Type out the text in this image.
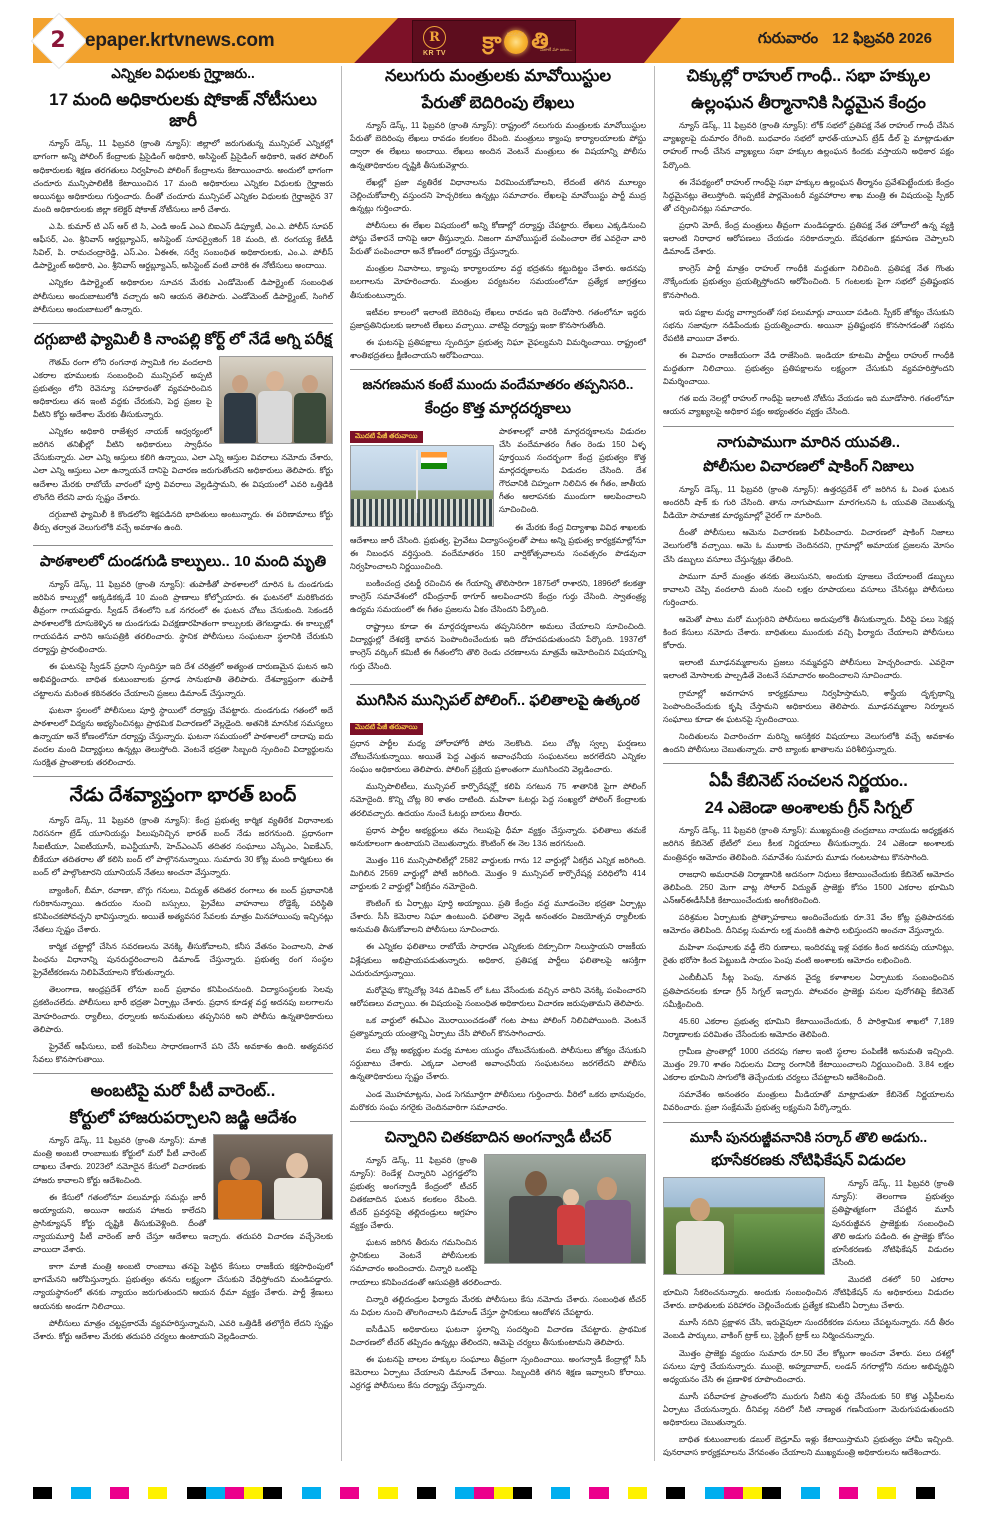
2	epaper.krtvnews.com	R
KR TV
దినపత్రిక
క్రా తి
నిజాలే మా బలం...
గురువారం 12 ఫిబ్రవరి 2026
ఎన్నికల విధులకు గైర్హాజరు..
17 మంది అధికారులకు షోకాజ్ నోటీసులు జారీ

న్యూస్ డెస్క్, 11 ఫిబ్రవరి (క్రాంతి న్యూస్): జిల్లాలో జరుగుతున్న మున్సిపల్ ఎన్నికల్లో భాగంగా అన్ని పోలింగ్ కేంద్రాలకు ప్రిసైడింగ్ అధికారి, అసిస్టెంట్ ప్రిసైడింగ్ అధికారి, ఇతర పోలింగ్ అధికారులకు శిక్షణ తరగతులు నిర్వహించి పోలింగ్ కేంద్రాలను కేటాయించారు. అందులో భాగంగా చందూరు మున్సిపాలిటీకి కేటాయించిన 17 మంది అధికారులు ఎన్నికల విధులకు గైర్హాజరు అయినట్టు అధికారులు గుర్తించారు. దీంతో చందూరు మున్సిపల్ ఎన్నికల విధులకు గైర్హాజరైన 37 మంది అధికారులకు జిల్లా కలెక్టర్ షోకాజ్ నోటీసులు జారీ చేశారు.

ఎ.పి. కుమార్ టి ఎస్ ఆర్ టి సి, ఎండి అండ్ ఎంఎ బిఐఎస్ డిప్యూటీ, ఎం.ఎ. పోలీస్ సూపర్ ఆఫీసర్, ఎం. శ్రీనివాస్ ఆర్డబ్ల్యూఎస్, అసిస్టెంట్ సూపర్వైజింగ్ 18 మంది, టి. రంగయ్య కేటీడీ సివిల్, పి. రామచంద్రారెడ్డి, ఎస్.ఎం. ఏఈఈ, సర్వే సంబంధిత అధికారులకు, ఎం.ఎ. పోలీస్ డిపార్ట్మెంట్ అధికారి, ఎం. శ్రీనివాస్ ఆర్డబ్ల్యూఎస్, అసిస్టెంట్ వంటి వారికి ఈ నోటీసులు అందాయి.

ఎన్నికల డిపార్ట్మెంట్ అధికారుల సూచన మేరకు ఎండోమెంట్ డిపార్ట్మెంట్ సంబంధిత పోలీసులు అందుబాటులోకి వచ్చారు అని ఆయన తెలిపారు. ఎండోమెంట్ డిపార్ట్మెంట్, సింగిల్ పోలీసులు అందుబాటులో ఉన్నారు.

దగ్గుబాటి ఫ్యామిలీ కి నాంపల్లి కోర్ట్ లో నేడే అగ్ని పరీక్ష

గౌతమ్ రంగా లోని రంగనాథ స్వామికి గల వందలాది ఎకరాల భూములకు సంబంధించి మున్సిపల్ అప్పటి ప్రభుత్వం లోని రెవెన్యూ సహకారంతో వ్యవహరించిన అధికారులు తన ఇంటి వద్దకు చేరుకుని, పెద్ద ప్రజల పై వీటిని కోర్టు ఆదేశాల మేరకు తీసుకున్నారు.

ఎన్నికల అధికారి రాజేశ్వర నాయక్ ఆధ్వర్యంలో జరిగిన తనిఖీల్లో వీటిని అధికారులు స్వాధీనం చేసుకున్నారు. ఎలా ఎన్ని ఆస్తులు కలిగి ఉన్నాయి, ఎలా ఎన్ని ఆస్తుల వివరాలు నమోదు చేశారు, ఎలా ఎన్ని ఆస్తులు ఎలా ఉన్నాయనే దానిపై విచారణ జరుగుతోందని అధికారులు తెలిపారు. కోర్టు ఆదేశాల మేరకు రాబోయే వారంలో పూర్తి వివరాలు వెల్లడిస్తామని, ఈ విషయంలో ఎవరి ఒత్తిడికి లొంగేది లేదని వారు స్పష్టం చేశారు.

దగ్గుబాటి ఫ్యామిలీ కి కొండలోని శిక్షపడినది భాదితులు అంటున్నారు. ఈ పరిణామాలు కోర్టు తీర్పు తర్వాత వెలుగులోకి వచ్చే అవకాశం ఉంది.

పాఠశాలలో దుండగుడి కాల్పులు.. 10 మంది మృతి

న్యూస్ డెస్క్, 11 ఫిబ్రవరి (క్రాంతి న్యూస్): తుపాకీతో పాఠశాలలో దూరిన ఓ దుండగుడు జరిపిన కాల్పుల్లో అక్కడికక్కడే 10 మంది ప్రాణాలు కోల్పోయారు. ఈ ఘటనలో మరికొందరు తీవ్రంగా గాయపడ్డారు. స్వీడన్ దేశంలోని ఒక నగరంలో ఈ ఘటన చోటు చేసుకుంది. సెకండరీ పాఠశాలలోకి దూసుకెళ్ళిన ఆ దుండగుడు విచక్షణారహితంగా కాల్పులకు తెగబడ్డాడు. ఈ కాల్పుల్లో గాయపడిన వారిని ఆసుపత్రికి తరలించారు. స్థానిక పోలీసులు సంఘటనా స్థలానికి చేరుకుని దర్యాప్తు ప్రారంభించారు.

ఈ ఘటనపై స్వీడన్ ప్రధాని స్పందిస్తూ ఇది దేశ చరిత్రలో అత్యంత దారుణమైన ఘటన అని అభివర్ణించారు. బాధిత కుటుంబాలకు ప్రగాఢ సానుభూతి తెలిపారు. దేశవ్యాప్తంగా తుపాకీ చట్టాలను మరింత కఠినతరం చేయాలని ప్రజలు డిమాండ్ చేస్తున్నారు.

ఘటనా స్థలంలో పోలీసులు పూర్తి స్థాయిలో దర్యాప్తు చేపట్టారు. దుండగుడు గతంలో అదే పాఠశాలలో విద్యను అభ్యసించినట్లు ప్రాథమిక విచారణలో వెల్లడైంది. అతనికి మానసిక సమస్యలు ఉన్నాయా అనే కోణంలోనూ దర్యాప్తు చేస్తున్నారు. ఘటనా సమయంలో పాఠశాలలో దాదాపు ఐదు వందల మంది విద్యార్థులు ఉన్నట్లు తెలుస్తోంది. వెంటనే భద్రతా సిబ్బంది స్పందించి విద్యార్థులను సురక్షిత ప్రాంతాలకు తరలించారు.

నేడు దేశవ్యాప్తంగా భారత్ బంద్

న్యూస్ డెస్క్, 11 ఫిబ్రవరి (క్రాంతి న్యూస్): కేంద్ర ప్రభుత్వ కార్మిక వ్యతిరేక విధానాలకు నిరసనగా ట్రేడ్ యూనియన్లు పిలుపునిచ్చిన భారత్ బంద్ నేడు జరగనుంది. ప్రధానంగా సీఐటీయూ, ఏఐటీయూసీ, ఐఎన్టీయూసీ, హెచ్ఎంఎస్ తదితర సంఘాలు ఎస్కేఎం, ఏఐకేఎస్, బీకేయూ తదితరాల తో కలిసి బంద్ లో పాల్గొననున్నాయి. సుమారు 30 కోట్ల మంది కార్మికులు ఈ బంద్ లో పాల్గొంటారని యూనియన్ నేతలు అంచనా వేస్తున్నారు.

బ్యాంకింగ్, బీమా, రవాణా, బొగ్గు గనులు, విద్యుత్ తదితర రంగాలు ఈ బంద్ ప్రభావానికి గురికానున్నాయి. ఉదయం నుంచి బస్సులు, ప్రైవేటు వాహనాలు రోడ్డెక్కే పరిస్థితి కనిపించకపోవచ్చని భావిస్తున్నారు. అయితే అత్యవసర సేవలకు మాత్రం మినహాయింపు ఇచ్చినట్లు నేతలు స్పష్టం చేశారు.

కార్మిక చట్టాల్లో చేసిన సవరణలను వెనక్కి తీసుకోవాలని, కనీస వేతనం పెంచాలని, పాత పింఛను విధానాన్ని పునరుద్ధరించాలని డిమాండ్ చేస్తున్నారు. ప్రభుత్వ రంగ సంస్థల ప్రైవేటీకరణను నిలిపివేయాలని కోరుతున్నారు.

తెలంగాణ, ఆంధ్రప్రదేశ్ లోనూ బంద్ ప్రభావం కనిపించనుంది. విద్యాసంస్థలకు సెలవు ప్రకటించలేదు. పోలీసులు భారీ భద్రతా ఏర్పాట్లు చేశారు. ప్రధాన కూడళ్ల వద్ద అదనపు బలగాలను మోహరించారు. ర్యాలీలు, ధర్నాలకు అనుమతులు తప్పనిసరి అని పోలీసు ఉన్నతాధికారులు తెలిపారు.

ప్రైవేట్ ఆఫీసులు, ఐటీ కంపెనీలు సాధారణంగానే పని చేసే అవకాశం ఉంది. అత్యవసర సేవలు కొనసాగుతాయి.

అంబటిపై మరో పీటీ వారెంట్..
కోర్టులో హాజరుపర్చాలని జడ్జి ఆదేశం

న్యూస్ డెస్క్, 11 ఫిబ్రవరి (క్రాంతి న్యూస్): మాజీ మంత్రి అంబటి రాంబాబుకు కోర్టులో మరో పీటీ వారెంట్ దాఖలు చేశారు. 2023లో నమోదైన కేసులో విచారణకు హాజరు కావాలని కోర్టు ఆదేశించింది.

ఈ కేసులో గతంలోనూ పలుమార్లు సమన్లు జారీ అయ్యాయని, అయినా ఆయన హాజరు కాలేదని ప్రాసిక్యూషన్ కోర్టు దృష్టికి తీసుకువెళ్లింది. దీంతో న్యాయమూర్తి పీటీ వారెంట్ జారీ చేస్తూ ఆదేశాలు ఇచ్చారు. తదుపరి విచారణ వచ్చేనెలకు వాయిదా వేశారు.

కాగా మాజీ మంత్రి అంబటి రాంబాబు తనపై పెట్టిన కేసులు రాజకీయ కక్షసాధింపులో భాగమేనని ఆరోపిస్తున్నారు. ప్రభుత్వం తనను లక్ష్యంగా చేసుకుని వేధిస్తోందని మండిపడ్డారు. న్యాయస్థానంలో తనకు న్యాయం జరుగుతుందని ఆయన ధీమా వ్యక్తం చేశారు. పార్టీ శ్రేణులు ఆయనకు అండగా నిలిచాయి.

పోలీసులు మాత్రం చట్టప్రకారమే వ్యవహరిస్తున్నామని, ఎవరి ఒత్తిడికీ తలొగ్గేది లేదని స్పష్టం చేశారు. కోర్టు ఆదేశాల మేరకు తదుపరి చర్యలు ఉంటాయని వెల్లడించారు.

నలుగురు మంత్రులకు మావోయిస్టుల
పేరుతో బెదిరింపు లేఖలు

న్యూస్ డెస్క్, 11 ఫిబ్రవరి (క్రాంతి న్యూస్): రాష్ట్రంలో నలుగురు మంత్రులకు మావోయిస్టుల పేరుతో బెదిరింపు లేఖలు రావడం కలకలం రేపింది. మంత్రులు క్యాంపు కార్యాలయాలకు పోస్టు ద్వారా ఈ లేఖలు అందాయి. లేఖలు అందిన వెంటనే మంత్రులు ఈ విషయాన్ని పోలీసు ఉన్నతాధికారుల దృష్టికి తీసుకువెళ్లారు.

లేఖల్లో ప్రజా వ్యతిరేక విధానాలను విరమించుకోవాలని, లేదంటే తగిన మూల్యం చెల్లించుకోవాల్సి వస్తుందని హెచ్చరికలు ఉన్నట్లు సమాచారం. లేఖలపై మావోయిస్టు పార్టీ ముద్ర ఉన్నట్లు గుర్తించారు.

పోలీసులు ఈ లేఖల విషయంలో అన్ని కోణాల్లో దర్యాప్తు చేపట్టారు. లేఖలు ఎక్కడినుంచి పోస్టు చేశారనే దానిపై ఆరా తీస్తున్నారు. నిజంగా మావోయిస్టులే పంపించారా లేక ఎవరైనా వారి పేరుతో పంపించారా అనే కోణంలో దర్యాప్తు చేస్తున్నారు.

మంత్రుల నివాసాలు, క్యాంపు కార్యాలయాల వద్ద భద్రతను కట్టుదిట్టం చేశారు. అదనపు బలగాలను మోహరించారు. మంత్రుల పర్యటనల సమయంలోనూ ప్రత్యేక జాగ్రత్తలు తీసుకుంటున్నారు.

ఇటీవల కాలంలో ఇలాంటి బెదిరింపు లేఖలు రావడం ఇది రెండోసారి. గతంలోనూ ఇద్దరు ప్రజాప్రతినిధులకు ఇలాంటి లేఖలు వచ్చాయి. వాటిపై దర్యాప్తు ఇంకా కొనసాగుతోంది.

ఈ ఘటనపై ప్రతిపక్షాలు స్పందిస్తూ ప్రభుత్వ నిఘా వైఫల్యమని విమర్శించాయి. రాష్ట్రంలో శాంతిభద్రతలు క్షీణించాయని ఆరోపించాయి.

జనగణమన కంటే ముందు వందేమాతరం తప్పనిసరి..
కేంద్రం కొత్త మార్గదర్శకాలు
మొదటి పేజీ తరువాయి

పాఠశాలల్లో వారికి మార్గదర్శకాలను విడుదల చేసి వందేమాతరం గీతం రెండు 150 ఏళ్ళ పూర్తయిన సందర్భంగా కేంద్ర ప్రభుత్వం కొత్త మార్గదర్శకాలను విడుదల చేసింది. దేశ గౌరవానికి చిహ్నంగా నిలిచిన ఈ గీతం, జాతీయ గీతం ఆలాపనకు ముందుగా ఆలపించాలని సూచించింది.

ఈ మేరకు కేంద్ర విద్యాశాఖ వివిధ శాఖలకు ఆదేశాలు జారీ చేసింది. ప్రభుత్వ, ప్రైవేటు విద్యాసంస్థలతో పాటు అన్ని ప్రభుత్వ కార్యక్రమాల్లోనూ ఈ నిబంధన వర్తిస్తుంది. వందేమాతరం 150 వార్షికోత్సవాలను సంవత్సరం పొడవునా నిర్వహించాలని నిర్ణయించింది.

బంకించంద్ర ఛటర్జీ రచించిన ఈ గేయాన్ని తొలిసారిగా 1875లో రాశారని, 1896లో కలకత్తా కాంగ్రెస్ సమావేశంలో రవీంద్రనాథ్ ఠాగూర్ ఆలపించారని కేంద్రం గుర్తు చేసింది. స్వాతంత్ర్య ఉద్యమ సమయంలో ఈ గీతం ప్రజలను ఏకం చేసిందని పేర్కొంది.

రాష్ట్రాలు కూడా ఈ మార్గదర్శకాలను తప్పనిసరిగా అమలు చేయాలని సూచించింది. విద్యార్థుల్లో దేశభక్తి భావన పెంపొందించేందుకు ఇది దోహదపడుతుందని పేర్కొంది. 1937లో కాంగ్రెస్ వర్కింగ్ కమిటీ ఈ గీతంలోని తొలి రెండు చరణాలను మాత్రమే ఆమోదించిన విషయాన్ని గుర్తు చేసింది.

ముగిసిన మున్సిపల్ పోలింగ్.. ఫలితాలపై ఉత్కంఠ
మొదటి పేజీ తరువాయి

ప్రధాన పార్టీల మధ్య హోరాహోరీ పోరు నెలకొంది. పలు చోట్ల స్వల్ప ఘర్షణలు చోటుచేసుకున్నాయి. అయితే పెద్ద ఎత్తున అవాంఛనీయ సంఘటనలు జరగలేదని ఎన్నికల సంఘం అధికారులు తెలిపారు. పోలింగ్ ప్రక్రియ ప్రశాంతంగా ముగిసిందని వెల్లడించారు.

మున్సిపాలిటీలు, మున్సిపల్ కార్పొరేషన్ల్లో కలిపి సగటున 75 శాతానికి పైగా పోలింగ్ నమోదైంది. కొన్ని చోట్ల 80 శాతం దాటింది. మహిళా ఓటర్లు పెద్ద సంఖ్యలో పోలింగ్ కేంద్రాలకు తరలివచ్చారు. ఉదయం నుంచే ఓటర్లు బారులు తీరారు.

ప్రధాన పార్టీల అభ్యర్థులు తమ గెలుపుపై ధీమా వ్యక్తం చేస్తున్నారు. ఫలితాలు తమకే అనుకూలంగా ఉంటాయని చెబుతున్నారు. కౌంటింగ్ ఈ నెల 13న జరగనుంది.

మొత్తం 116 మున్సిపాలిటీల్లో 2582 వార్డులకు గాను 12 వార్డుల్లో ఏకగ్రీవ ఎన్నిక జరిగింది. మిగిలిన 2569 వార్డుల్లో పోటీ జరిగింది. మొత్తం 9 మున్సిపల్ కార్పొరేషన్ల పరిధిలోని 414 వార్డులకు 2 వార్డుల్లో ఏకగ్రీవం నమోదైంది.

కౌంటింగ్ కు ఏర్పాట్లు పూర్తి అయ్యాయి. ప్రతి కేంద్రం వద్ద మూడంచెల భద్రతా ఏర్పాట్లు చేశారు. సీసీ కెమెరాల నిఘా ఉంటుంది. ఫలితాల వెల్లడి అనంతరం విజయోత్సవ ర్యాలీలకు అనుమతి తీసుకోవాలని పోలీసులు సూచించారు.

ఈ ఎన్నికల ఫలితాలు రాబోయే సాధారణ ఎన్నికలకు దిక్సూచిగా నిలుస్తాయని రాజకీయ విశ్లేషకులు అభిప్రాయపడుతున్నారు. అధికార, ప్రతిపక్ష పార్టీలు ఫలితాలపై ఆసక్తిగా ఎదురుచూస్తున్నాయి.

మరోవైపు కొన్నిచోట్ల 34వ డివిజన్ లో ఓటు వేసేందుకు వచ్చిన వారిని వెనక్కి పంపించారని ఆరోపణలు వచ్చాయి. ఈ విషయంపై సంబంధిత అధికారులు విచారణ జరుపుతామని తెలిపారు.

ఒక వార్డులో ఈవీఎం మొరాయించడంతో గంట పాటు పోలింగ్ నిలిచిపోయింది. వెంటనే ప్రత్యామ్నాయ యంత్రాన్ని ఏర్పాటు చేసి పోలింగ్ కొనసాగించారు.

పలు చోట్ల అభ్యర్థుల మధ్య మాటల యుద్ధం చోటుచేసుకుంది. పోలీసులు జోక్యం చేసుకుని సర్దుబాటు చేశారు. ఎక్కడా ఎలాంటి అవాంఛనీయ సంఘటనలు జరగలేదని పోలీసు ఉన్నతాధికారులు స్పష్టం చేశారు.

ఎండ మొహమాట్లను, ఎండ సెగమూర్తిగా పోలీసులు గుర్తించారు. వీరిలో ఒకరు భానుపురం, మరొకరు సంఘ నగరైకు చెందినవారిగా సమాచారం.

చిన్నారిని చితకబాదిన అంగన్వాడీ టీచర్

న్యూస్ డెస్క్, 11 ఫిబ్రవరి (క్రాంతి న్యూస్): రెండేళ్ల చిన్నారిని ఎర్రగడ్డలోని ప్రభుత్వ అంగన్వాడీ కేంద్రంలో టీచర్ చితకబాదిన ఘటన కలకలం రేపింది. టీచర్ ప్రవర్తనపై తల్లిదండ్రులు ఆగ్రహం వ్యక్తం చేశారు.

ఘటన జరిగిన తీరును గమనించిన స్థానికులు వెంటనే పోలీసులకు సమాచారం అందించారు. చిన్నారి ఒంటిపై గాయాలు కనిపించడంతో ఆసుపత్రికి తరలించారు.

చిన్నారి తల్లిదండ్రుల ఫిర్యాదు మేరకు పోలీసులు కేసు నమోదు చేశారు. సంబంధిత టీచర్ ను విధుల నుంచి తొలగించాలని డిమాండ్ చేస్తూ స్థానికులు ఆందోళన చేపట్టారు.

ఐసీడీఎస్ అధికారులు ఘటనా స్థలాన్ని సందర్శించి విచారణ చేపట్టారు. ప్రాథమిక విచారణలో టీచర్ తప్పిదం ఉన్నట్లు తేలిందని, ఆమెపై చర్యలు తీసుకుంటామని తెలిపారు.

ఈ ఘటనపై బాలల హక్కుల సంఘాలు తీవ్రంగా స్పందించాయి. అంగన్వాడీ కేంద్రాల్లో సీసీ కెమెరాలు ఏర్పాటు చేయాలని డిమాండ్ చేశాయి. సిబ్బందికి తగిన శిక్షణ ఇవ్వాలని కోరాయి. ఎర్రగడ్డ పోలీసులు కేసు దర్యాప్తు చేస్తున్నారు.

చిక్కుల్లో రాహుల్ గాంధీ.. సభా హక్కుల
ఉల్లంఘన తీర్మానానికి సిద్ధమైన కేంద్రం

న్యూస్ డెస్క్, 11 ఫిబ్రవరి (క్రాంతి న్యూస్): లోక్ సభలో ప్రతిపక్ష నేత రాహుల్ గాంధీ చేసిన వ్యాఖ్యలపై దుమారం రేగింది. బుధవారం సభలో భారత్-యూఎస్ ట్రేడ్ డీల్ పై మాట్లాడుతూ రాహుల్ గాంధీ చేసిన వ్యాఖ్యలు సభా హక్కుల ఉల్లంఘన కిందకు వస్తాయని అధికార పక్షం పేర్కొంది.

ఈ నేపథ్యంలో రాహుల్ గాంధీపై సభా హక్కుల ఉల్లంఘన తీర్మానం ప్రవేశపెట్టేందుకు కేంద్రం సిద్ధమైనట్లు తెలుస్తోంది. ఇప్పటికే పార్లమెంటరీ వ్యవహారాల శాఖ మంత్రి ఈ విషయంపై స్పీకర్ తో చర్చించినట్లు సమాచారం.

ప్రధాని మోదీ, కేంద్ర మంత్రులు తీవ్రంగా మండిపడ్డారు. ప్రతిపక్ష నేత హోదాలో ఉన్న వ్యక్తి ఇలాంటి నిరాధార ఆరోపణలు చేయడం సరికాదన్నారు. బేషరతుగా క్షమాపణ చెప్పాలని డిమాండ్ చేశారు.

కాంగ్రెస్ పార్టీ మాత్రం రాహుల్ గాంధీకి మద్దతుగా నిలిచింది. ప్రతిపక్ష నేత గొంతు నొక్కేందుకు ప్రభుత్వం ప్రయత్నిస్తోందని ఆరోపించింది. 5 గంటలకు పైగా సభలో ప్రతిష్టంభన కొనసాగింది.

ఇరు పక్షాల మధ్య వాగ్వాదంతో సభ పలుమార్లు వాయిదా పడింది. స్పీకర్ జోక్యం చేసుకుని సభను సజావుగా నడిపేందుకు ప్రయత్నించారు. అయినా ప్రతిష్టంభన కొనసాగడంతో సభను రేపటికి వాయిదా వేశారు.

ఈ వివాదం రాజకీయంగా వేడి రాజేసింది. ఇండియా కూటమి పార్టీలు రాహుల్ గాంధీకి మద్దతుగా నిలిచాయి. ప్రభుత్వం ప్రతిపక్షాలను లక్ష్యంగా చేసుకుని వ్యవహరిస్తోందని విమర్శించాయి.

గత ఐదు నెలల్లో రాహుల్ గాంధీపై ఇలాంటి నోటీసు వేయడం ఇది మూడోసారి. గతంలోనూ ఆయన వ్యాఖ్యలపై అధికార పక్షం అభ్యంతరం వ్యక్తం చేసింది.

నాగుపాముగా మారిన యువతి..
పోలీసుల విచారణలో షాకింగ్ నిజాలు

న్యూస్ డెస్క్, 11 ఫిబ్రవరి (క్రాంతి న్యూస్): ఉత్తరప్రదేశ్ లో జరిగిన ఓ వింత ఘటన అందరినీ షాక్ కు గురి చేసింది. తాను నాగుపాముగా మారగలనని ఓ యువతి చెబుతున్న వీడియో సామాజిక మాధ్యమాల్లో వైరల్ గా మారింది.

దీంతో పోలీసులు ఆమెను విచారణకు పిలిపించారు. విచారణలో షాకింగ్ నిజాలు వెలుగులోకి వచ్చాయి. ఆమె ఓ ముఠాకు చెందినదని, గ్రామాల్లో అమాయక ప్రజలను మోసం చేసి డబ్బులు వసూలు చేస్తున్నట్లు తేలింది.

పాముగా మారే మంత్రం తనకు తెలుసునని, అందుకు పూజలు చేయాలంటే డబ్బులు కావాలని చెప్పి వందలాది మంది నుంచి లక్షల రూపాయలు వసూలు చేసినట్లు పోలీసులు గుర్తించారు.

ఆమెతో పాటు మరో ముగ్గురిని పోలీసులు అదుపులోకి తీసుకున్నారు. వీరిపై పలు సెక్షన్ల కింద కేసులు నమోదు చేశారు. బాధితులు ముందుకు వచ్చి ఫిర్యాదు చేయాలని పోలీసులు కోరారు.

ఇలాంటి మూఢనమ్మకాలను ప్రజలు నమ్మవద్దని పోలీసులు హెచ్చరించారు. ఎవరైనా ఇలాంటి మోసాలకు పాల్పడితే వెంటనే సమాచారం అందించాలని సూచించారు.

గ్రామాల్లో అవగాహన కార్యక్రమాలు నిర్వహిస్తామని, శాస్త్రీయ దృక్పథాన్ని పెంపొందించేందుకు కృషి చేస్తామని అధికారులు తెలిపారు. మూఢనమ్మకాల నిర్మూలన సంఘాలు కూడా ఈ ఘటనపై స్పందించాయి.

నిందితులను విచారించగా మరిన్ని ఆసక్తికర విషయాలు వెలుగులోకి వచ్చే అవకాశం ఉందని పోలీసులు చెబుతున్నారు. వారి బ్యాంకు ఖాతాలను పరిశీలిస్తున్నారు.

ఏపీ కేబినెట్ సంచలన నిర్ణయం..
24 ఎజెండా అంశాలకు గ్రీన్ సిగ్నల్

న్యూస్ డెస్క్, 11 ఫిబ్రవరి (క్రాంతి న్యూస్): ముఖ్యమంత్రి చంద్రబాబు నాయుడు అధ్యక్షతన జరిగిన కేబినెట్ భేటీలో పలు కీలక నిర్ణయాలు తీసుకున్నారు. 24 ఎజెండా అంశాలకు మంత్రివర్గం ఆమోదం తెలిపింది. సమావేశం సుమారు మూడు గంటలపాటు కొనసాగింది.

రాజధాని అమరావతి నిర్మాణానికి అదనంగా నిధులు కేటాయించేందుకు కేబినెట్ ఆమోదం తెలిపింది. 250 మెగా వాట్ల సోలార్ విద్యుత్ ప్రాజెక్టు కోసం 1500 ఎకరాల భూమిని ఎన్ఆర్ఈడీసీపీకి కేటాయించేందుకు అంగీకరించింది.

పరిశ్రమల ఏర్పాటుకు ప్రోత్సాహకాలు అందించేందుకు రూ.31 వేల కోట్ల ప్రతిపాదనకు ఆమోదం తెలిపింది. దీనివల్ల సుమారు లక్ష మందికి ఉపాధి లభిస్తుందని అంచనా వేస్తున్నారు.

మహిళా సంఘాలకు వడ్డీ లేని రుణాలు, ఇందిరమ్మ ఇళ్ల పథకం కింద అదనపు యూనిట్లు, రైతు భరోసా కింద పెట్టుబడి సాయం పెంపు వంటి అంశాలకు ఆమోదం లభించింది.

ఎంబీబీఎస్ సీట్ల పెంపు, నూతన వైద్య కళాశాలల ఏర్పాటుకు సంబంధించిన ప్రతిపాదనలకు కూడా గ్రీన్ సిగ్నల్ ఇచ్చారు. పోలవరం ప్రాజెక్టు పనుల పురోగతిపై కేబినెట్ సమీక్షించింది.

45.60 ఎకరాల ప్రభుత్వ భూమిని కేటాయించేందుకు, రీ పారిశ్రామిక శాఖలో 7,189 నిర్మాణాలకు పరిమితం చేసేందుకు ఆమోదం తెలిపింది.

గ్రామీణ ప్రాంతాల్లో 1000 చదరపు గజాల ఇంటి స్థలాల పంపిణీకి అనుమతి ఇచ్చింది. మొత్తం 29.70 శాతం నిధులను విద్యా రంగానికి కేటాయించాలని నిర్ణయించింది. 3.84 లక్షల ఎకరాల భూమిని సాగులోకి తెచ్చేందుకు చర్యలు చేపట్టాలని ఆదేశించింది.

సమావేశం అనంతరం మంత్రులు మీడియాతో మాట్లాడుతూ కేబినెట్ నిర్ణయాలను వివరించారు. ప్రజా సంక్షేమమే ప్రభుత్వ లక్ష్యమని పేర్కొన్నారు.

మూసీ పునరుజ్జీవనానికి సర్కార్ తొలి అడుగు..
భూసేకరణకు నోటిఫికేషన్ విడుదల

న్యూస్ డెస్క్, 11 ఫిబ్రవరి (క్రాంతి న్యూస్): తెలంగాణ ప్రభుత్వం ప్రతిష్టాత్మకంగా చేపట్టిన మూసీ పునరుజ్జీవన ప్రాజెక్టుకు సంబంధించి తొలి అడుగు పడింది. ఈ ప్రాజెక్టు కోసం భూసేకరణకు నోటిఫికేషన్ విడుదల చేసింది.

మొదటి దశలో 50 ఎకరాల భూమిని సేకరించనున్నారు. అందుకు సంబంధించిన నోటిఫికేషన్ ను అధికారులు విడుదల చేశారు. బాధితులకు పరిహారం చెల్లించేందుకు ప్రత్యేక కమిటీని ఏర్పాటు చేశారు.

మూసీ నదిని ప్రక్షాళన చేసి, ఇరువైపులా సుందరీకరణ పనులు చేపట్టనున్నారు. నదీ తీరం వెంబడి పార్కులు, వాకింగ్ ట్రాక్ లు, సైక్లింగ్ ట్రాక్ లు నిర్మించనున్నారు.

మొత్తం ప్రాజెక్టు వ్యయం సుమారు రూ.50 వేల కోట్లుగా అంచనా వేశారు. పలు దశల్లో పనులు పూర్తి చేయనున్నారు. ముంబై, అహ్మదాబాద్, లండన్ నగరాల్లోని నదుల అభివృద్ధిని అధ్యయనం చేసి ఈ ప్రణాళిక రూపొందించారు.

మూసీ పరీవాహక ప్రాంతంలోని మురుగు నీటిని శుద్ధి చేసేందుకు 50 కొత్త ఎస్టీపీలను ఏర్పాటు చేయనున్నారు. దీనివల్ల నదిలో నీటి నాణ్యత గణనీయంగా మెరుగుపడుతుందని అధికారులు చెబుతున్నారు.

బాధిత కుటుంబాలకు డబుల్ బెడ్రూమ్ ఇళ్లు కేటాయిస్తామని ప్రభుత్వం హామీ ఇచ్చింది. పునరావాస కార్యక్రమాలను వేగవంతం చేయాలని ముఖ్యమంత్రి అధికారులను ఆదేశించారు.
